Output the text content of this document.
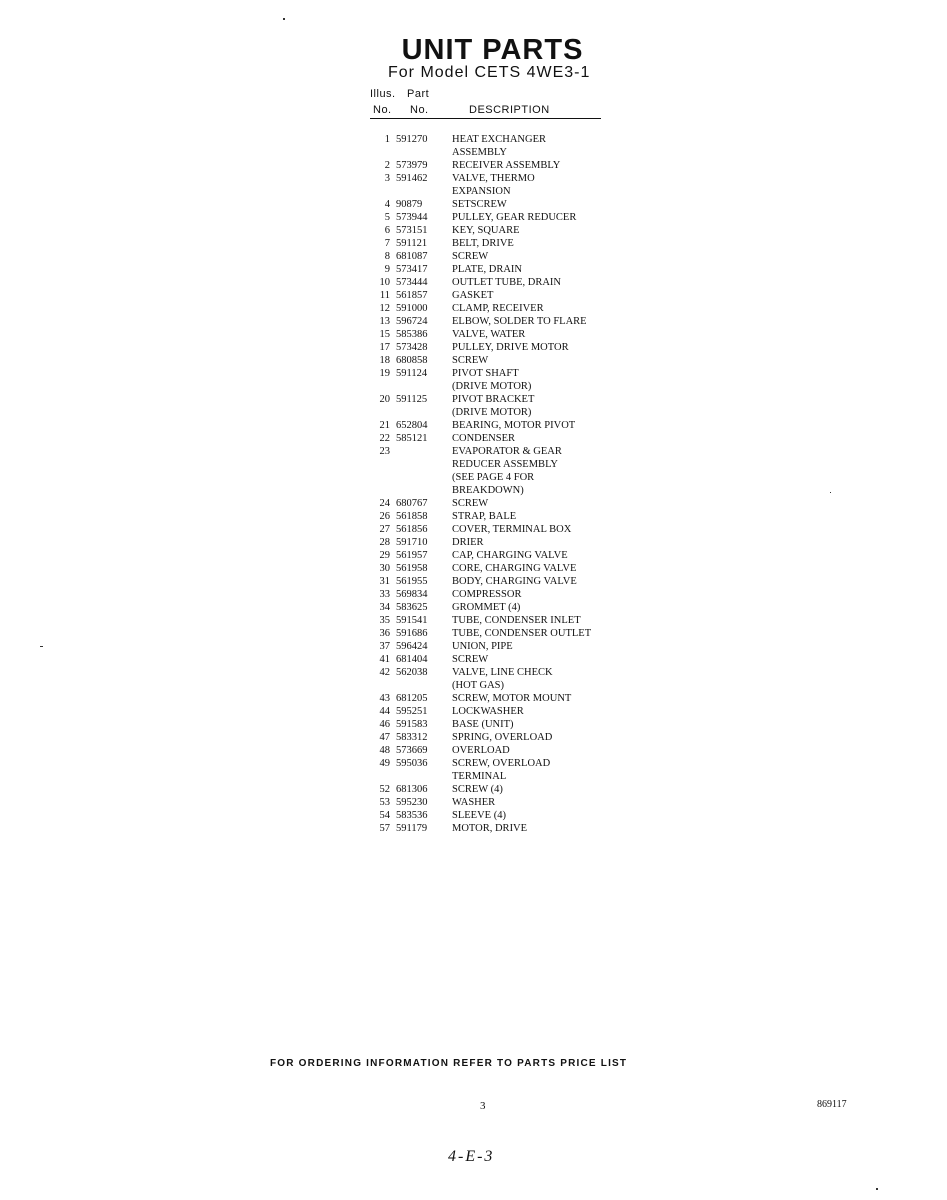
UNIT PARTS
For Model CETS 4WE3-1
Illus. Part
No. No.	DESCRIPTION
1 591270	HEAT EXCHANGER
ASSEMBLY
2 573979	RECEIVER ASSEMBLY
3 591462	VALVE, THERMO
EXPANSION
4 90879	SETSCREW
5 573944	PULLEY, GEAR REDUCER
6 573151	KEY, SQUARE
7 591121	BELT, DRIVE
8 681087	SCREW
9 573417	PLATE, DRAIN
10 573444	OUTLET TUBE, DRAIN
11 561857	GASKET
12 591000	CLAMP, RECEIVER
13 596724	ELBOW, SOLDER TO FLARE
15 585386	VALVE, WATER
17 573428	PULLEY, DRIVE MOTOR
18 680858	SCREW
19 591124	PIVOT SHAFT
(DRIVE MOTOR)
20 591125	PIVOT BRACKET
(DRIVE MOTOR)
21 652804	BEARING, MOTOR PIVOT
22 585121	CONDENSER
23	EVAPORATOR & GEAR
REDUCER ASSEMBLY
(SEE PAGE 4 FOR
BREAKDOWN)
24 680767	SCREW
26 561858	STRAP, BALE
27 561856	COVER, TERMINAL BOX
28 591710	DRIER
29 561957	CAP, CHARGING VALVE
30 561958	CORE, CHARGING VALVE
31 561955	BODY, CHARGING VALVE
33 569834	COMPRESSOR
34 583625	GROMMET (4)
35 591541	TUBE, CONDENSER INLET
36 591686	TUBE, CONDENSER OUTLET
37 596424	UNION, PIPE
41 681404	SCREW
42 562038	VALVE, LINE CHECK
(HOT GAS)
43 681205	SCREW, MOTOR MOUNT
44 595251	LOCKWASHER
46 591583	BASE (UNIT)
47 583312	SPRING, OVERLOAD
48 573669	OVERLOAD
49 595036	SCREW, OVERLOAD
TERMINAL
52 681306	SCREW (4)
53 595230	WASHER
54 583536	SLEEVE (4)
57 591179	MOTOR, DRIVE
FOR ORDERING INFORMATION REFER TO PARTS PRICE LIST
3	869117
4-E-3
